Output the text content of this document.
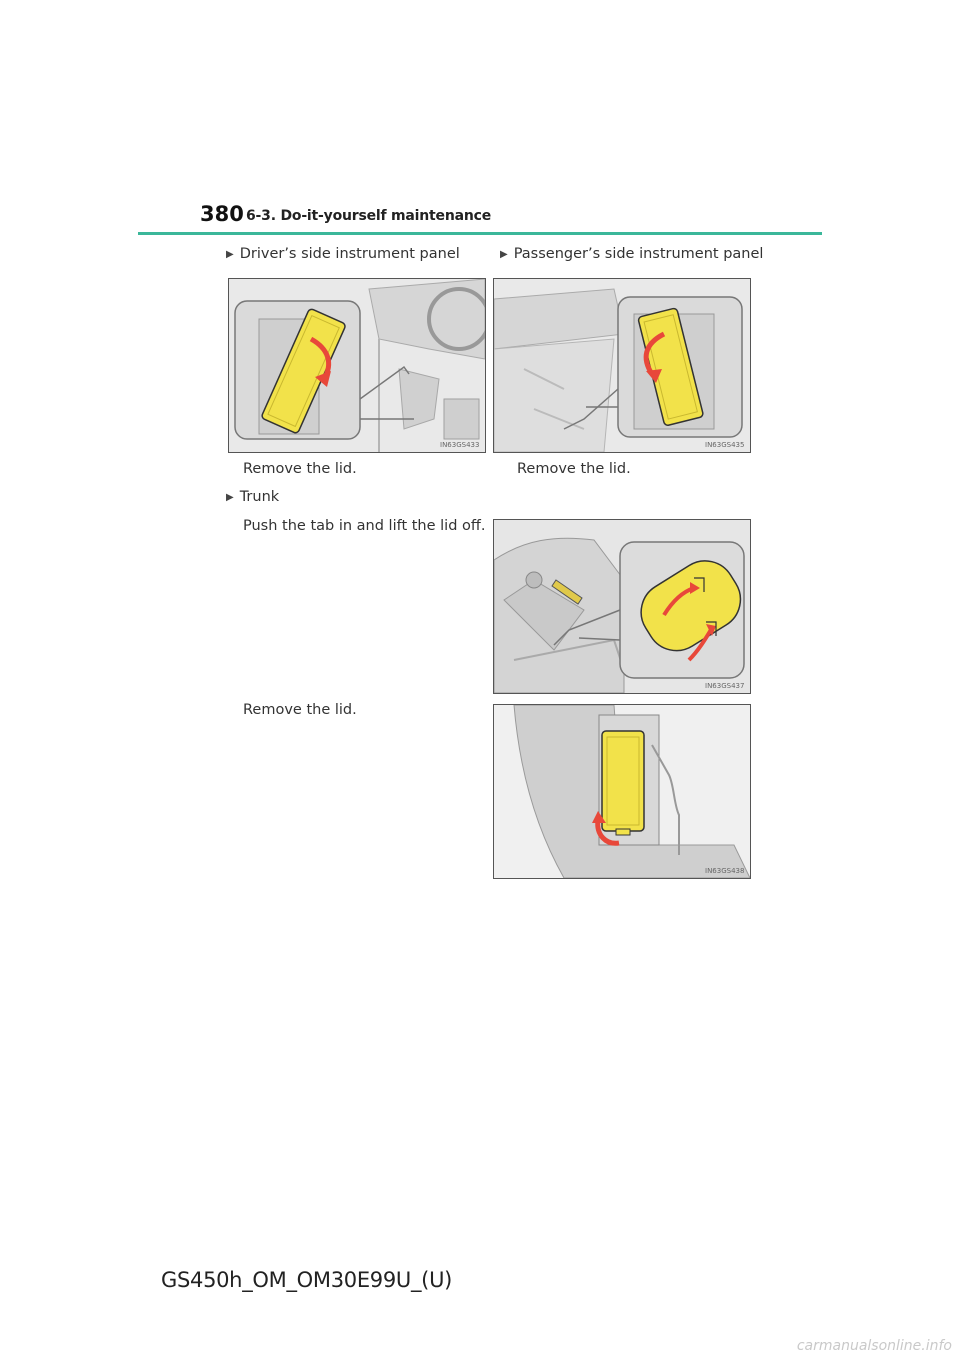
380 6-3. Do-it-yourself maintenance
▶ Driver’s side instrument panel	▶ Passenger’s side instrument panel
IN63GS433	IN63GS435
Remove the lid.	Remove the lid.
▶ Trunk
Push the tab in and lift the lid off.
IN63GS437
Remove the lid.
IN63GS438
GS450h_OM_OM30E99U_(U)
carmanualsonline.info
